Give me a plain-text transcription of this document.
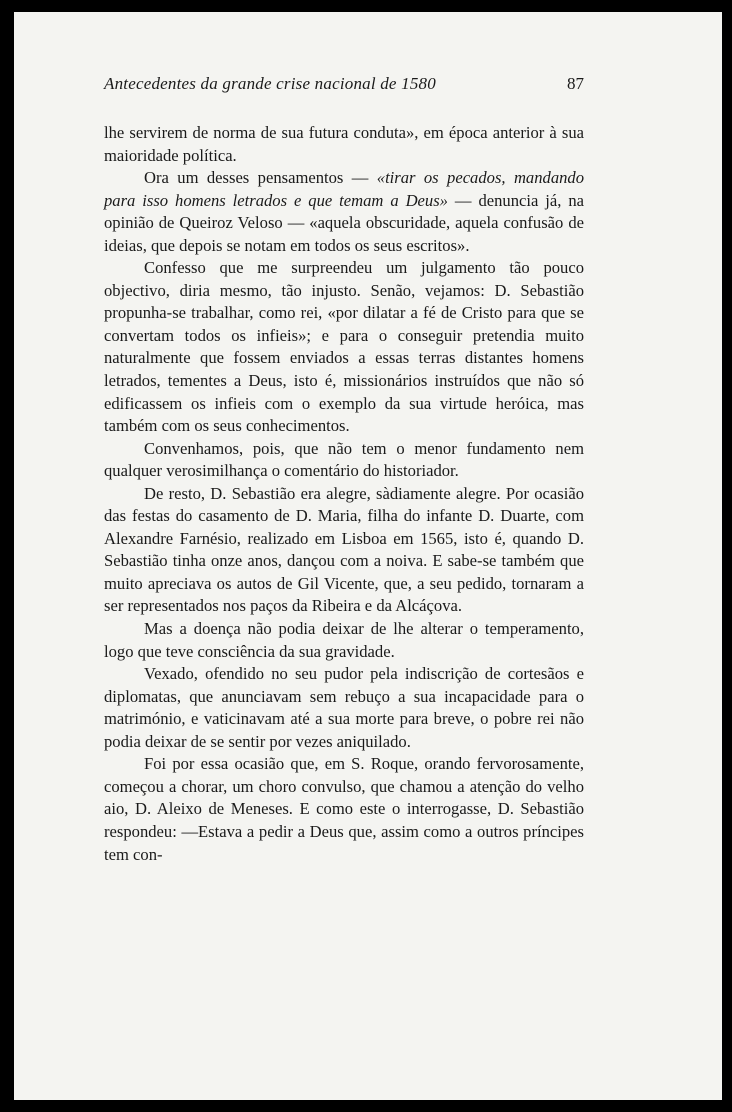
Antecedentes da grande crise nacional de 1580	87

lhe servirem de norma de sua futura conduta», em época anterior à sua maioridade política.

Ora um desses pensamentos — «tirar os pecados, mandando para isso homens letrados e que temam a Deus» — denuncia já, na opinião de Queiroz Veloso — «aquela obscuridade, aquela confusão de ideias, que depois se notam em todos os seus escritos».

Confesso que me surpreendeu um julgamento tão pouco objectivo, diria mesmo, tão injusto. Senão, vejamos: D. Sebastião propunha-se trabalhar, como rei, «por dilatar a fé de Cristo para que se convertam todos os infieis»; e para o conseguir pretendia muito naturalmente que fossem enviados a essas terras distantes homens letrados, tementes a Deus, isto é, missionários instruídos que não só edificassem os infieis com o exemplo da sua virtude heróica, mas também com os seus conhecimentos.

Convenhamos, pois, que não tem o menor fundamento nem qualquer verosimilhança o comentário do historiador.

De resto, D. Sebastião era alegre, sàdiamente alegre. Por ocasião das festas do casamento de D. Maria, filha do infante D. Duarte, com Alexandre Farnésio, realizado em Lisboa em 1565, isto é, quando D. Sebastião tinha onze anos, dançou com a noiva. E sabe-se também que muito apreciava os autos de Gil Vicente, que, a seu pedido, tornaram a ser representados nos paços da Ribeira e da Alcáçova.

Mas a doença não podia deixar de lhe alterar o temperamento, logo que teve consciência da sua gravidade.

Vexado, ofendido no seu pudor pela indiscrição de cortesãos e diplomatas, que anunciavam sem rebuço a sua incapacidade para o matrimónio, e vaticinavam até a sua morte para breve, o pobre rei não podia deixar de se sentir por vezes aniquilado.

Foi por essa ocasião que, em S. Roque, orando fervorosamente, começou a chorar, um choro convulso, que chamou a atenção do velho aio, D. Aleixo de Meneses. E como este o interrogasse, D. Sebastião respondeu: —Estava a pedir a Deus que, assim como a outros príncipes tem con-
